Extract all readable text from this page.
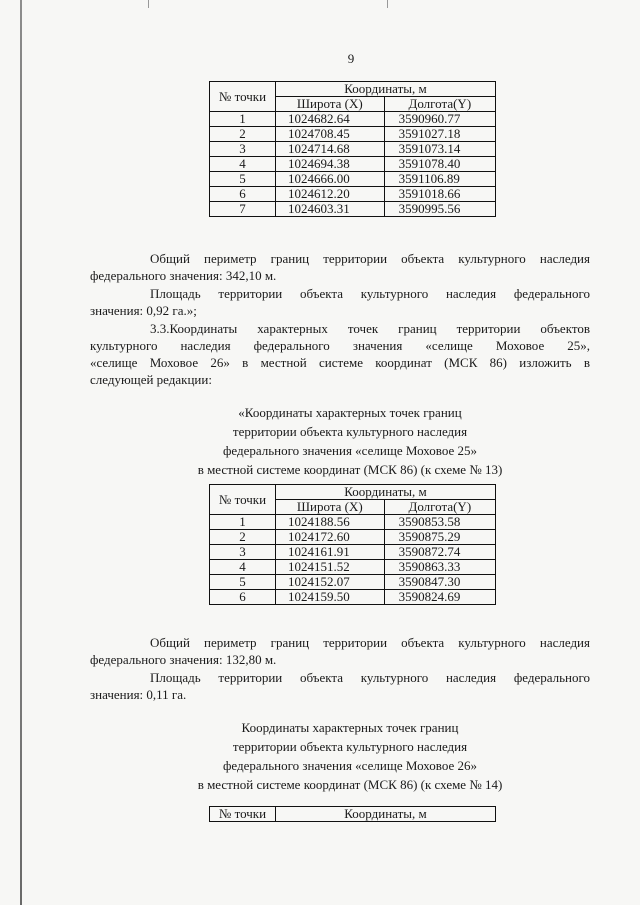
9
№ точки	Координаты, м	
	Широта (X)	Долгота(Y)
1	1024682.64	3590960.77
2	1024708.45	3591027.18
3	1024714.68	3591073.14
4	1024694.38	3591078.40
5	1024666.00	3591106.89
6	1024612.20	3591018.66
7	1024603.31	3590995.56
Общий периметр границ территории объекта культурного наследия
федерального значения: 342,10 м.
Площадь территории объекта культурного наследия федерального
значения: 0,92 га.»;
3.3.Координаты характерных точек границ территории объектов
культурного наследия федерального значения «селище Моховое 25»,
«селище Моховое 26» в местной системе координат (МСК 86) изложить в
следующей редакции:
«Координаты характерных точек границ
территории объекта культурного наследия
федерального значения «селище Моховое 25»
в местной системе координат (МСК 86) (к схеме № 13)
№ точки	Координаты, м	
	Широта (X)	Долгота(Y)
1	1024188.56	3590853.58
2	1024172.60	3590875.29
3	1024161.91	3590872.74
4	1024151.52	3590863.33
5	1024152.07	3590847.30
6	1024159.50	3590824.69
Общий периметр границ территории объекта культурного наследия
федерального значения: 132,80 м.
Площадь территории объекта культурного наследия федерального
значения: 0,11 га.
Координаты характерных точек границ
территории объекта культурного наследия
федерального значения «селище Моховое 26»
в местной системе координат (МСК 86) (к схеме № 14)
№ точки	Координаты, м
